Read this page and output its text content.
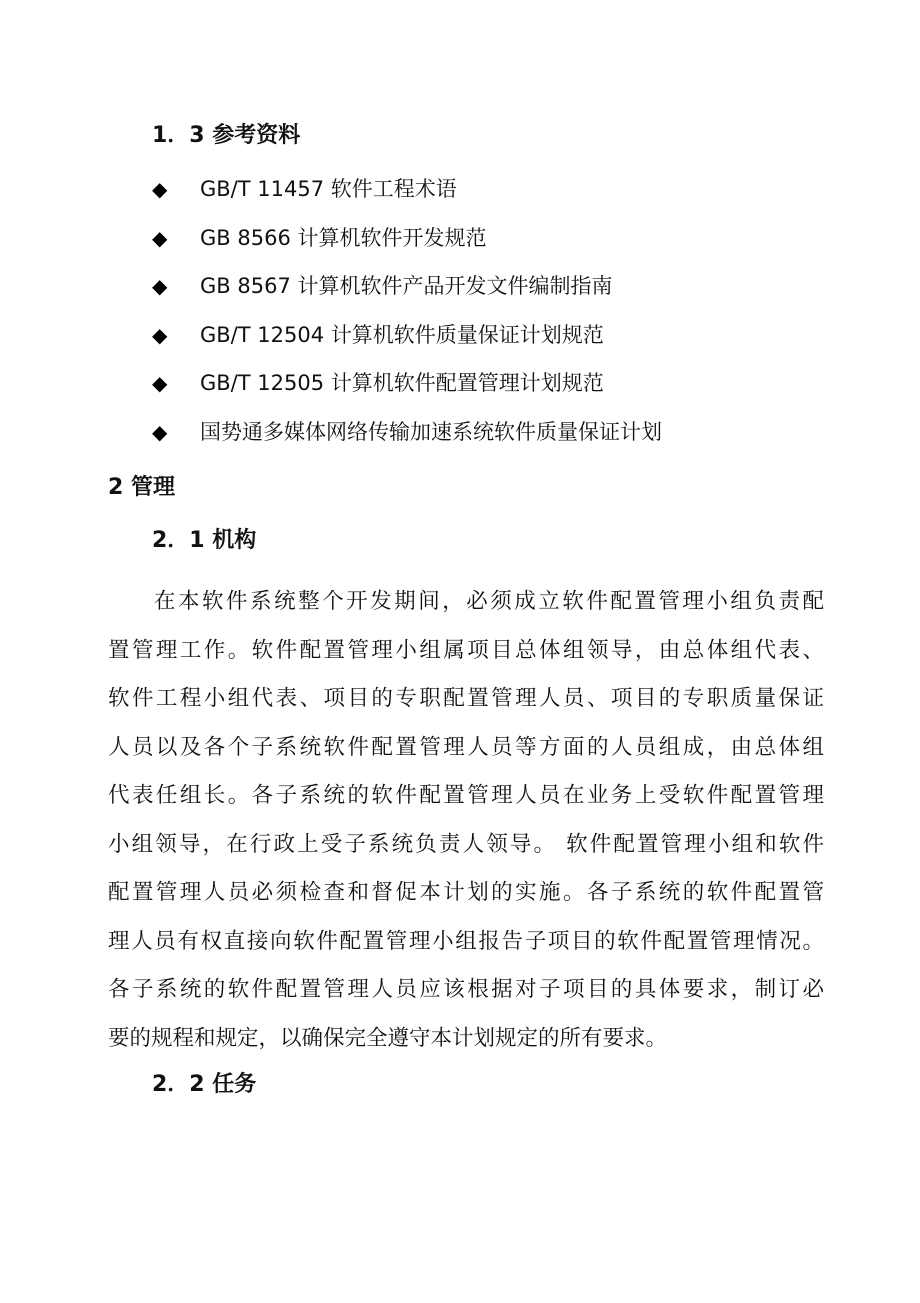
1．3 参考资料
◆	GB/T 11457 软件工程术语
◆	GB 8566 计算机软件开发规范
◆	GB 8567 计算机软件产品开发文件编制指南
◆	GB/T 12504 计算机软件质量保证计划规范
◆	GB/T 12505 计算机软件配置管理计划规范
◆	国势通多媒体网络传输加速系统软件质量保证计划
2 管理
2．1 机构
在本软件系统整个开发期间，必须成立软件配置管理小组负责配
置管理工作。软件配置管理小组属项目总体组领导，由总体组代表、
软件工程小组代表、项目的专职配置管理人员、项目的专职质量保证
人员以及各个子系统软件配置管理人员等方面的人员组成，由总体组
代表任组长。各子系统的软件配置管理人员在业务上受软件配置管理
小组领导，在行政上受子系统负责人领导。 软件配置管理小组和软件
配置管理人员必须检查和督促本计划的实施。各子系统的软件配置管
理人员有权直接向软件配置管理小组报告子项目的软件配置管理情况。
各子系统的软件配置管理人员应该根据对子项目的具体要求，制订必
要的规程和规定，以确保完全遵守本计划规定的所有要求。
2．2 任务
